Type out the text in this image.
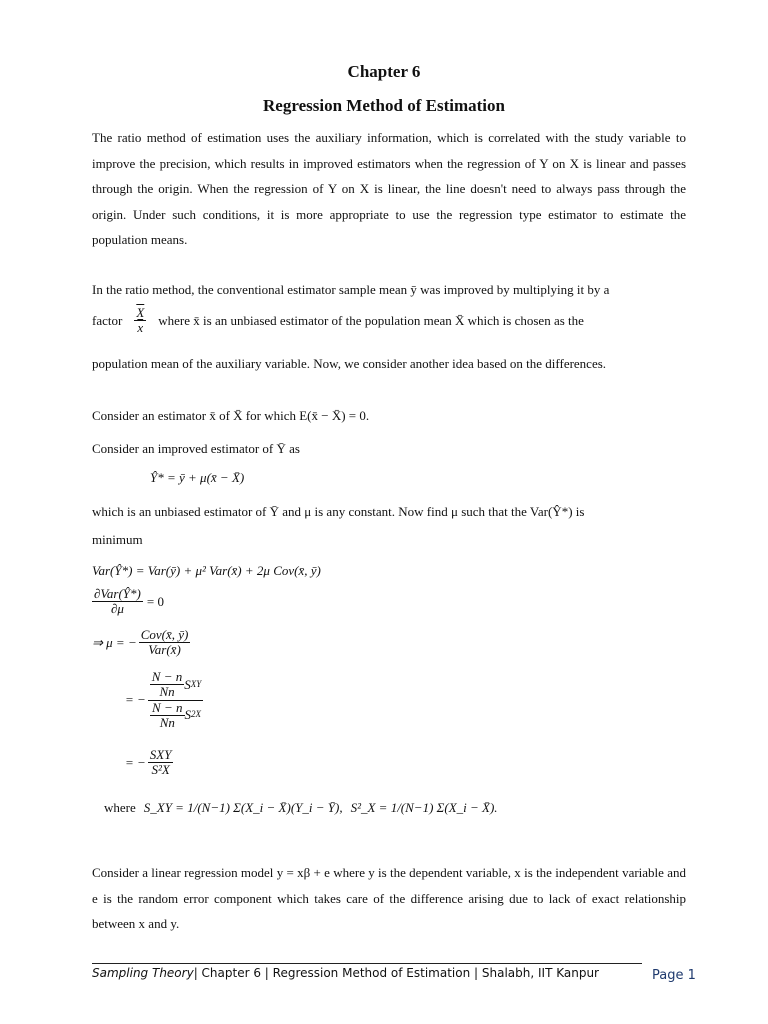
Chapter 6
Regression Method of Estimation

The ratio method of estimation uses the auxiliary information, which is correlated with the study variable to improve the precision, which results in improved estimators when the regression of Y on X is linear and passes through the origin. When the regression of Y on X is linear, the line doesn't need to always pass through the origin. Under such conditions, it is more appropriate to use the regression type estimator to estimate the population means.

In the ratio method, the conventional estimator sample mean ȳ was improved by multiplying it by a
factor $\frac{\overline{X}}{x}$ where x̄ is an unbiased estimator of the population mean X̄ which is chosen as the
population mean of the auxiliary variable. Now, we consider another idea based on the differences.
Consider an estimator x̄ of X̄ for which E(x̄ − X̄) = 0.
Consider an improved estimator of Ȳ as
Ŷ* = ȳ + μ(x̄ − X̄)
which is an unbiased estimator of Ȳ and μ is any constant. Now find μ such that the Var(Ŷ*) is
minimum
Var(Ŷ*) = Var(ȳ) + μ² Var(x̄) + 2μ Cov(x̄, ȳ)
$\frac{\text{∂Var(Ŷ*)}}{\partial\mu} = 0$
⇒ μ = − $\frac{\text{Cov(x̄, ȳ)}}{\text{Var(x̄)}}$
= − $\frac{\frac{N - n}{Nn} S XY}{\frac{N - n}{Nn} S 2 X}$
= − $\frac{\text{SXY}}{\text{S²X}}$
where S_XY = 1/(N−1) Σ(X_i − X̄)(Y_i − Ȳ), S²_X = 1/(N−1) Σ(X_i − X̄).

Consider a linear regression model y = xβ + e where y is the dependent variable, x is the independent variable and e is the random error component which takes care of the difference arising due to lack of exact relationship between x and y.

Sampling Theory| Chapter 6 | Regression Method of Estimation | Shalabh, IIT Kanpur	Page 1
